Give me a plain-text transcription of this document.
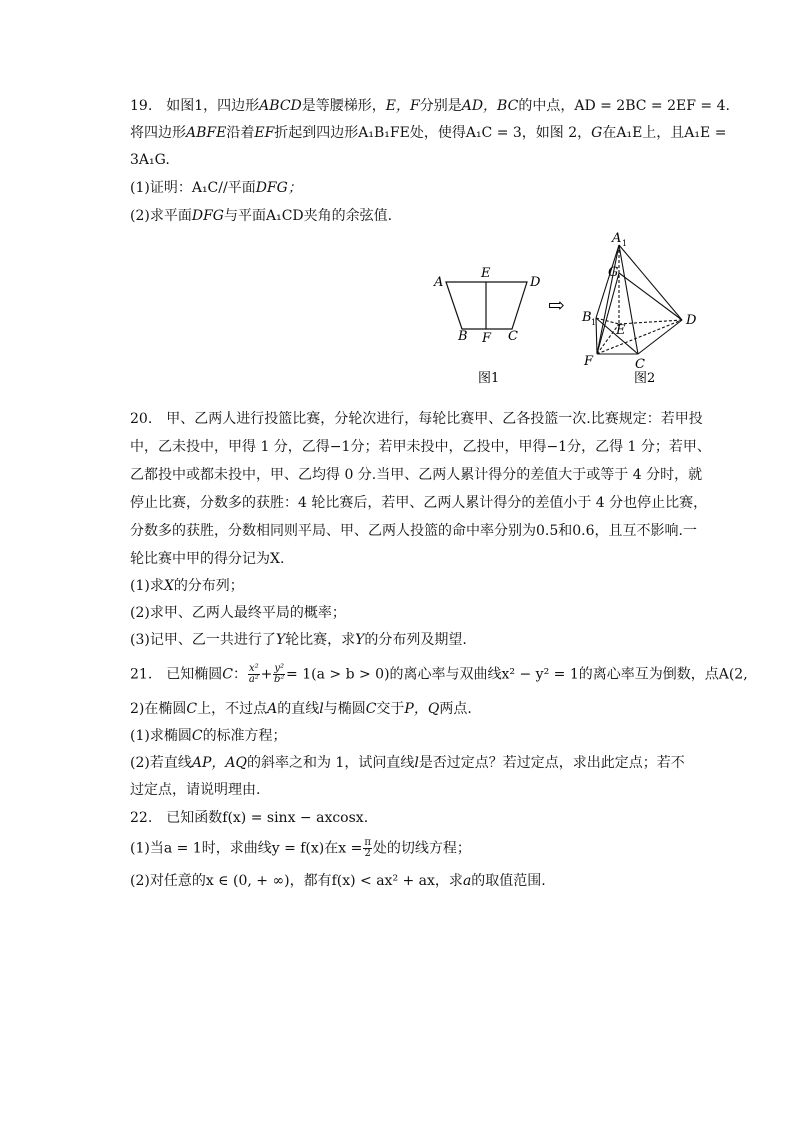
19.　如图1，四边形ABCD是等腰梯形，E，F分别是AD，BC的中点，AD = 2BC = 2EF = 4.
将四边形ABFE沿着EF折起到四边形A₁B₁FE处，使得A₁C = 3，如图 2，G在A₁E上，且A₁E =
3A₁G.
(1)证明：A₁C//平面DFG；
(2)求平面DFG与平面A₁CD夹角的余弦值.
A
E
D
B F C
图1
⇨
A 1
G
B 1
E
D
F	C
图2
20.　甲、乙两人进行投篮比赛，分轮次进行，每轮比赛甲、乙各投篮一次.比赛规定：若甲投
中，乙未投中，甲得 1 分，乙得−1分；若甲未投中，乙投中，甲得−1分，乙得 1 分；若甲、
乙都投中或都未投中，甲、乙均得 0 分.当甲、乙两人累计得分的差值大于或等于 4 分时，就
停止比赛，分数多的获胜：4 轮比赛后，若甲、乙两人累计得分的差值小于 4 分也停止比赛，
分数多的获胜，分数相同则平局、甲、乙两人投篮的命中率分别为0.5和0.6，且互不影响.一
轮比赛中甲的得分记为X.
(1)求X的分布列；
(2)求甲、乙两人最终平局的概率；
(3)记甲、乙一共进行了Y轮比赛，求Y的分布列及期望.
21.　已知椭圆C： $\frac{\text{x²}}{\text{a²}} + \frac{\text{y²}}{\text{b²}} = 1(a > b > 0)$的离心率与双曲线x² − y² = 1的离心率互为倒数，点A(2,
2)在椭圆C上，不过点A的直线l与椭圆C交于P，Q两点.
(1)求椭圆C的标准方程；
(2)若直线AP，AQ的斜率之和为 1，试问直线l是否过定点？若过定点，求出此定点；若不
过定点，请说明理由.
22.　已知函数f(x) = sinx − axcosx.
(1)当a = 1时，求曲线y = f(x)在$x = \frac{\pi}{2}$ 处的切线方程；
(2)对任意的x ∈ (0, + ∞)，都有f(x) < ax² + ax，求a的取值范围.
